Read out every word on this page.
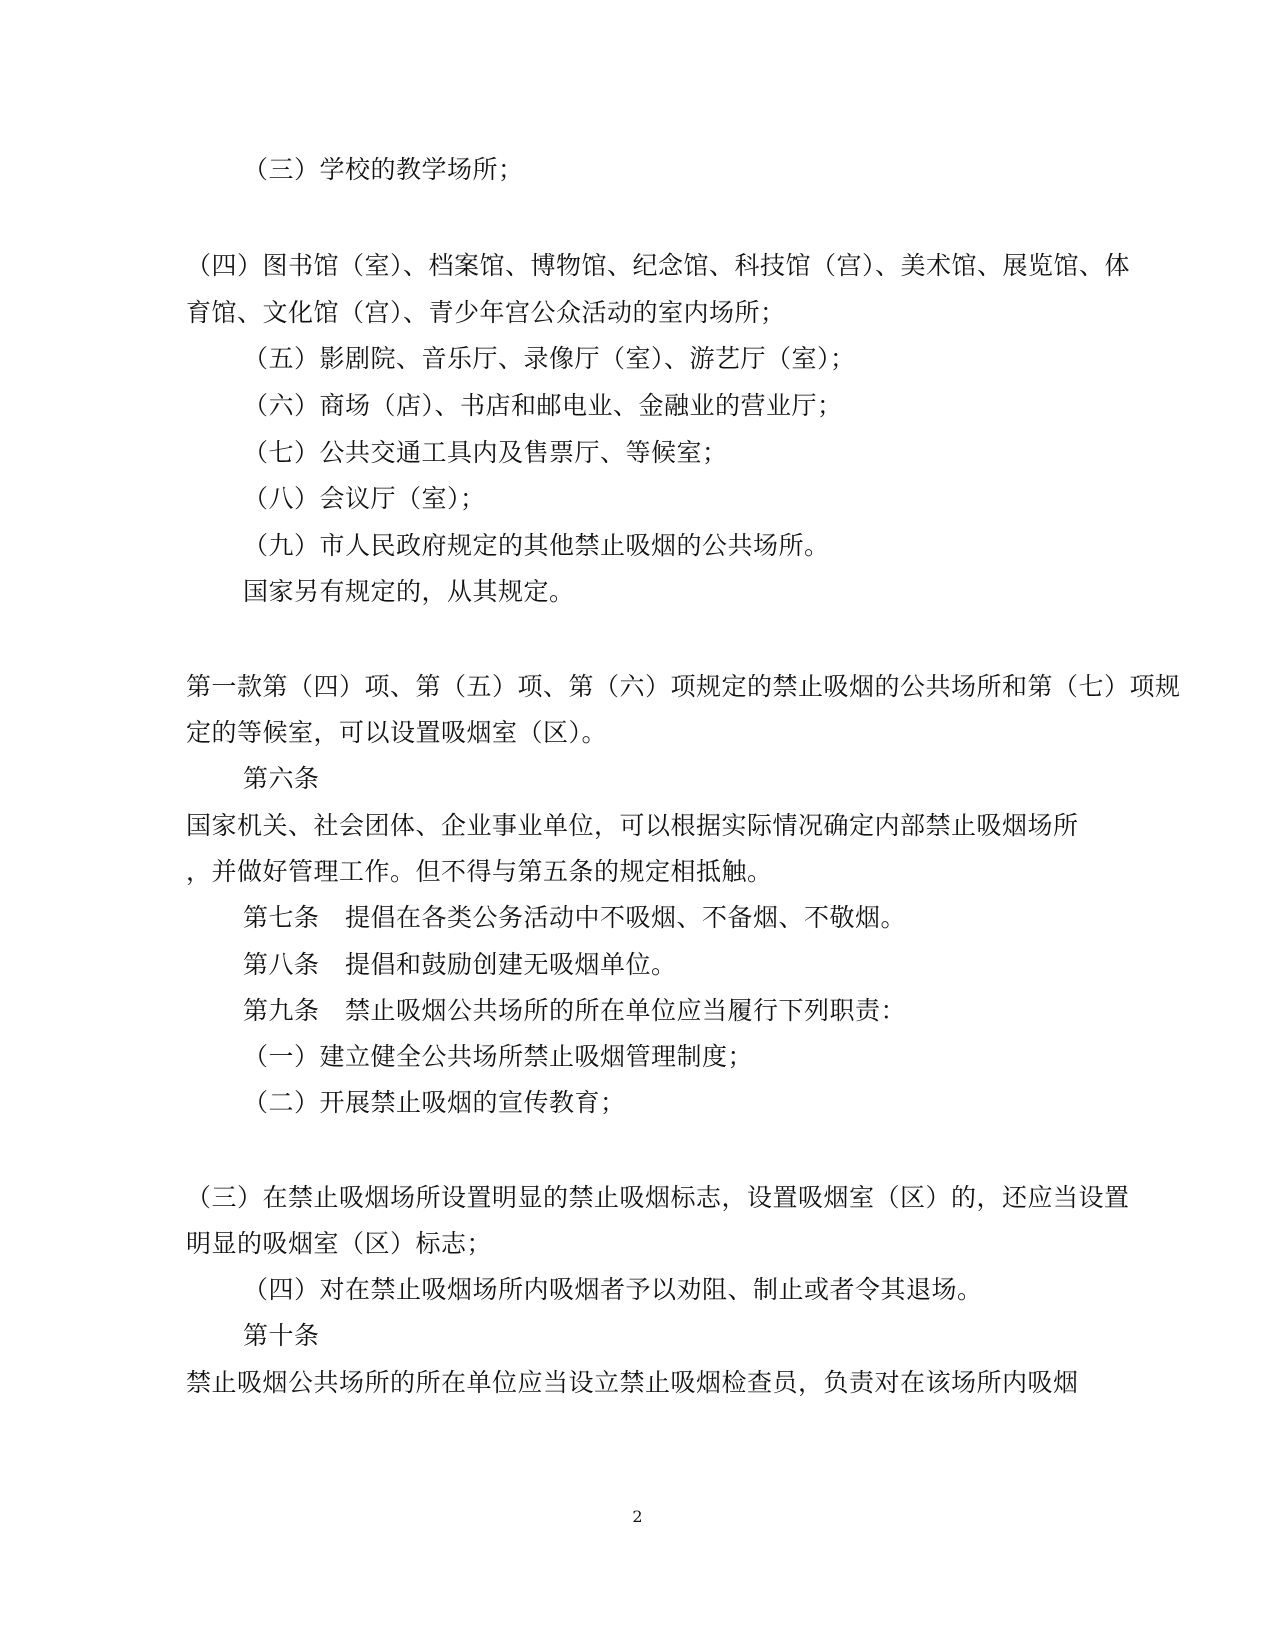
（三）学校的教学场所；
（四）图书馆（室）、档案馆、博物馆、纪念馆、科技馆（宫）、美术馆、展览馆、体
育馆、文化馆（宫）、青少年宫公众活动的室内场所；
（五）影剧院、音乐厅、录像厅（室）、游艺厅（室）；
（六）商场（店）、书店和邮电业、金融业的营业厅；
（七）公共交通工具内及售票厅、等候室；
（八）会议厅（室）；
（九）市人民政府规定的其他禁止吸烟的公共场所。
国家另有规定的，从其规定。
第一款第（四）项、第（五）项、第（六）项规定的禁止吸烟的公共场所和第（七）项规
定的等候室，可以设置吸烟室（区）。
第六条
国家机关、社会团体、企业事业单位，可以根据实际情况确定内部禁止吸烟场所
，并做好管理工作。但不得与第五条的规定相抵触。
第七条　提倡在各类公务活动中不吸烟、不备烟、不敬烟。
第八条　提倡和鼓励创建无吸烟单位。
第九条　禁止吸烟公共场所的所在单位应当履行下列职责：
（一）建立健全公共场所禁止吸烟管理制度；
（二）开展禁止吸烟的宣传教育；
（三）在禁止吸烟场所设置明显的禁止吸烟标志，设置吸烟室（区）的，还应当设置
明显的吸烟室（区）标志；
（四）对在禁止吸烟场所内吸烟者予以劝阻、制止或者令其退场。
第十条
禁止吸烟公共场所的所在单位应当设立禁止吸烟检查员，负责对在该场所内吸烟
2
